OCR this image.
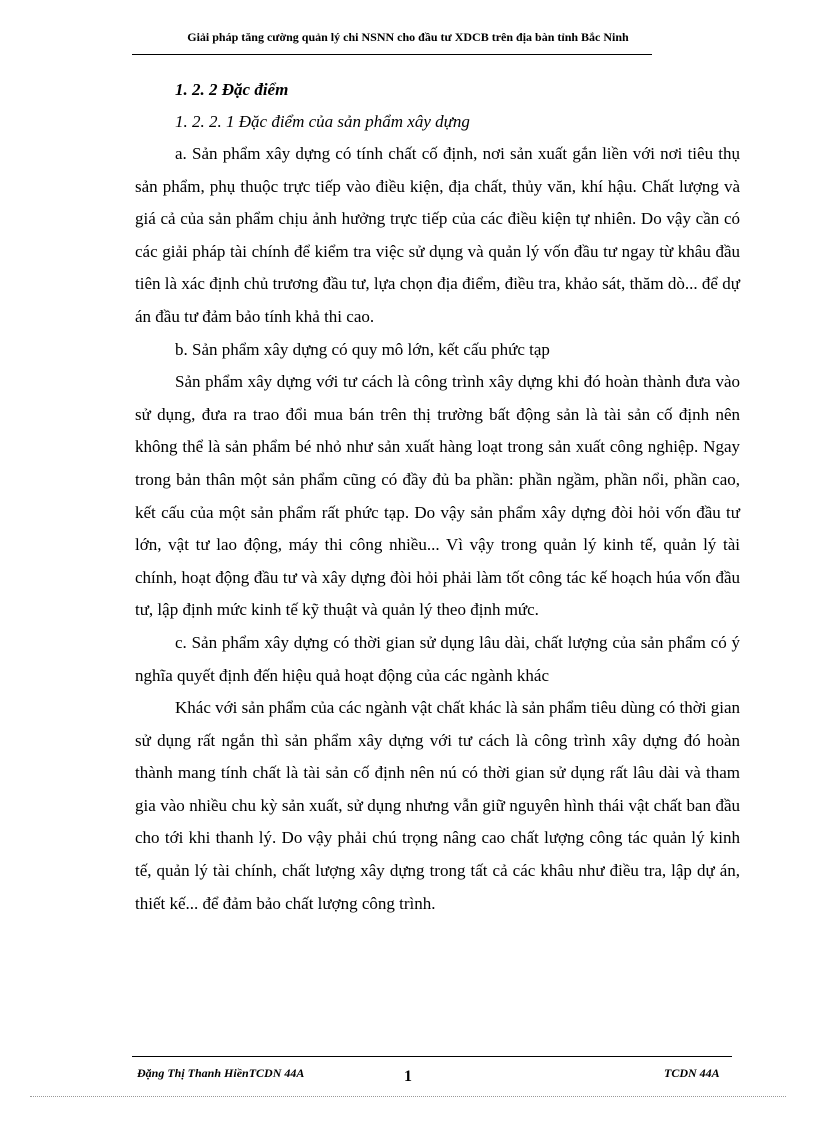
Giải pháp tăng cường quản lý chi NSNN cho đầu tư XDCB trên địa bàn tỉnh Bắc Ninh

1. 2. 2 Đặc điểm

1. 2. 2. 1 Đặc điểm của sản phẩm xây dựng

a. Sản phẩm xây dựng có tính chất cố định, nơi sản xuất gắn liền với nơi tiêu thụ sản phẩm, phụ thuộc trực tiếp vào điều kiện, địa chất, thủy văn, khí hậu. Chất lượng và giá cả của sản phẩm chịu ảnh hưởng trực tiếp của các điều kiện tự nhiên. Do vậy cần có các giải pháp tài chính để kiểm tra việc sử dụng và quản lý vốn đầu tư ngay từ khâu đầu tiên là xác định chủ trương đầu tư, lựa chọn địa điểm, điều tra, khảo sát, thăm dò... để dự án đầu tư đảm bảo tính khả thi cao.

b. Sản phẩm xây dựng có quy mô lớn, kết cấu phức tạp

Sản phẩm xây dựng với tư cách là công trình xây dựng khi đó hoàn thành đưa vào sử dụng, đưa ra trao đổi mua bán trên thị trường bất động sản là tài sản cố định nên không thể là sản phẩm bé nhỏ như sản xuất hàng loạt trong sản xuất công nghiệp. Ngay trong bản thân một sản phẩm cũng có đầy đủ ba phần: phần ngầm, phần nổi, phần cao, kết cấu của một sản phẩm rất phức tạp. Do vậy sản phẩm xây dựng đòi hỏi vốn đầu tư lớn, vật tư lao động, máy thi công nhiều... Vì vậy trong quản lý kinh tế, quản lý tài chính, hoạt động đầu tư và xây dựng đòi hỏi phải làm tốt công tác kế hoạch húa vốn đầu tư, lập định mức kinh tế kỹ thuật và quản lý theo định mức.

c. Sản phẩm xây dựng có thời gian sử dụng lâu dài, chất lượng của sản phẩm có ý nghĩa quyết định đến hiệu quả hoạt động của các ngành khác

Khác với sản phẩm của các ngành vật chất khác là sản phẩm tiêu dùng có thời gian sử dụng rất ngắn thì sản phẩm xây dựng với tư cách là công trình xây dựng đó hoàn thành mang tính chất là tài sản cố định nên nú có thời gian sử dụng rất lâu dài và tham gia vào nhiều chu kỳ sản xuất, sử dụng nhưng vẫn giữ nguyên hình thái vật chất ban đầu cho tới khi thanh lý. Do vậy phải chú trọng nâng cao chất lượng công tác quản lý kinh tế, quản lý tài chính, chất lượng xây dựng trong tất cả các khâu như điều tra, lập dự án, thiết kế... để đảm bảo chất lượng công trình.

Đặng Thị Thanh HiềnTCDN 44A	1	TCDN 44A
